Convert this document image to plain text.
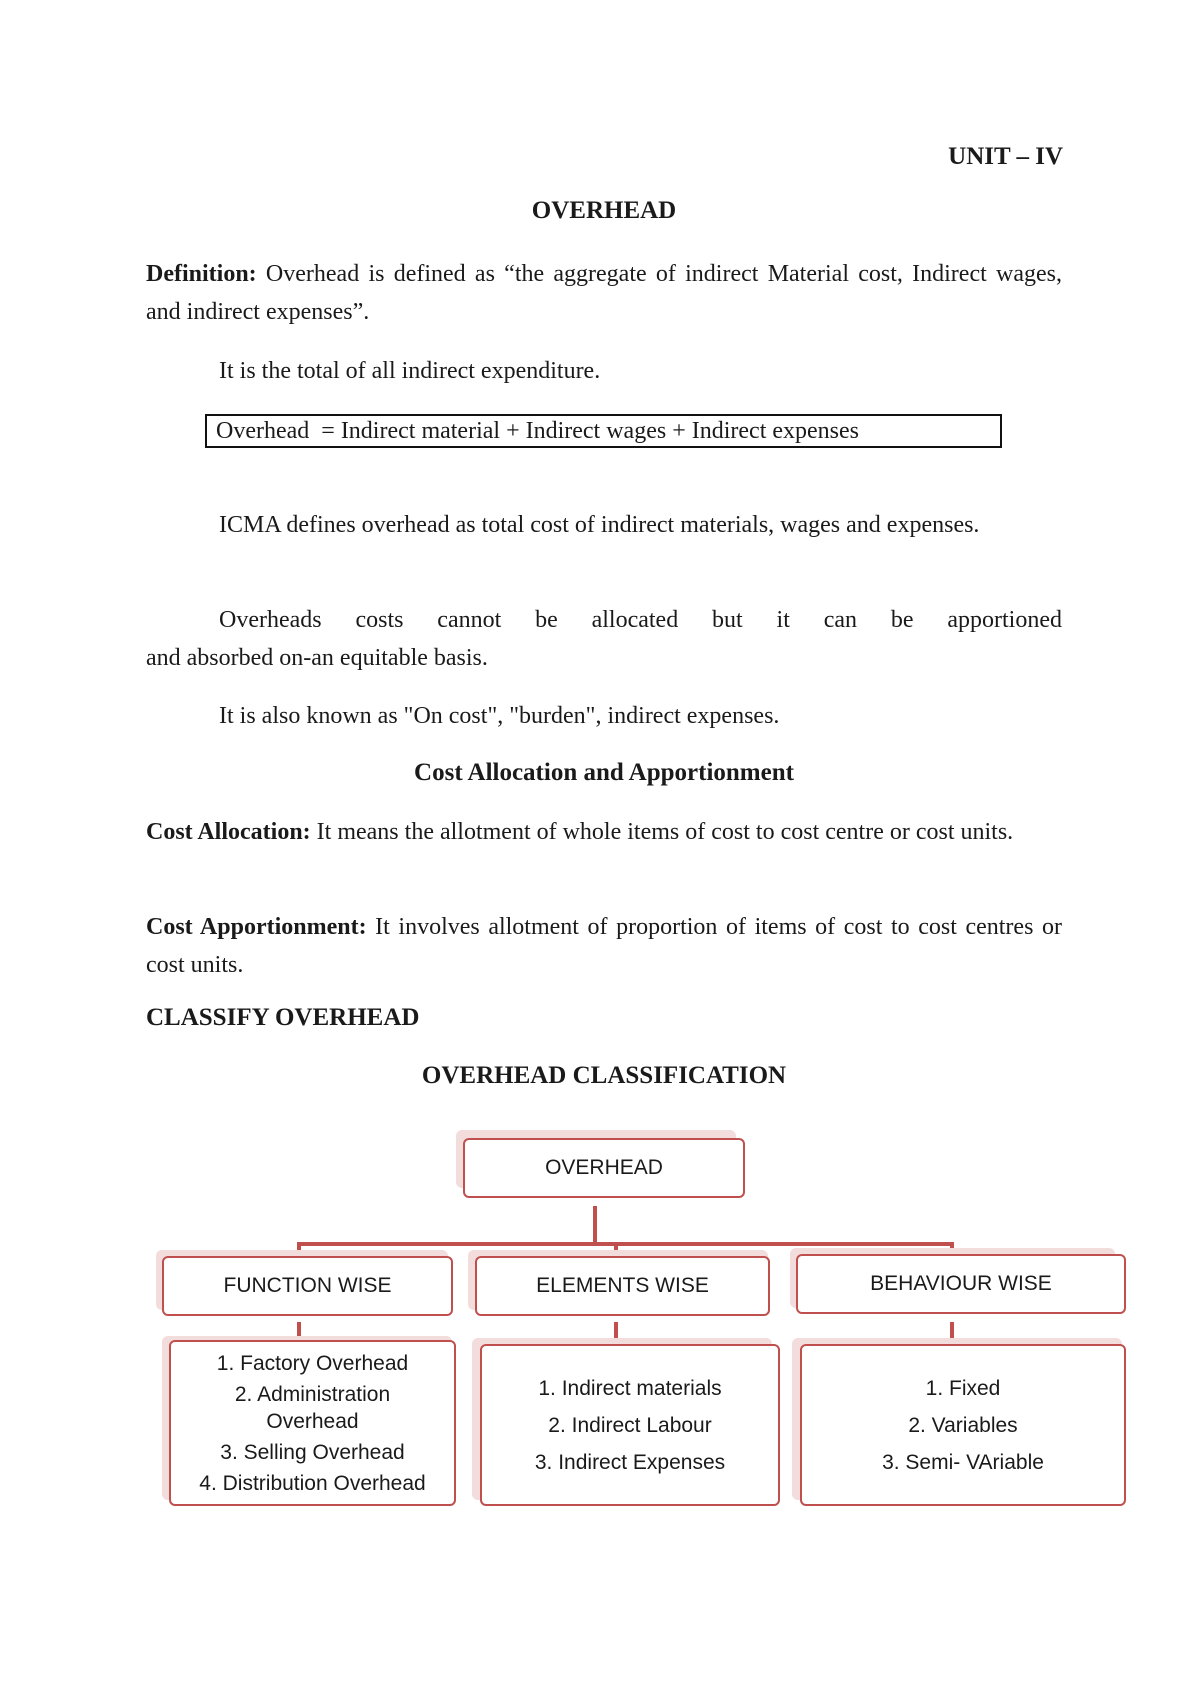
UNIT – IV
OVERHEAD
Definition: Overhead is defined as “the aggregate of indirect Material cost, Indirect wages, and indirect expenses”.
It is the total of all indirect expenditure.
Overhead  = Indirect material + Indirect wages + Indirect expenses
ICMA defines overhead as total cost of indirect materials, wages and expenses.
Overheads costs cannot be allocated but it can be apportioned
and absorbed on-an equitable basis.
It is also known as "On cost", "burden", indirect expenses.
Cost Allocation and Apportionment
Cost Allocation: It means the allotment of whole items of cost to cost centre or cost units.
Cost Apportionment: It involves allotment of proportion of items of cost to cost centres or cost units.
CLASSIFY OVERHEAD
OVERHEAD CLASSIFICATION
OVERHEAD
FUNCTION WISE	ELEMENTS WISE	BEHAVIOUR WISE
1. Factory Overhead
2. Administration Overhead
3. Selling Overhead
4. Distribution Overhead
1. Indirect materials
2. Indirect Labour
3. Indirect Expenses
1. Fixed
2. Variables
3. Semi- VAriable
